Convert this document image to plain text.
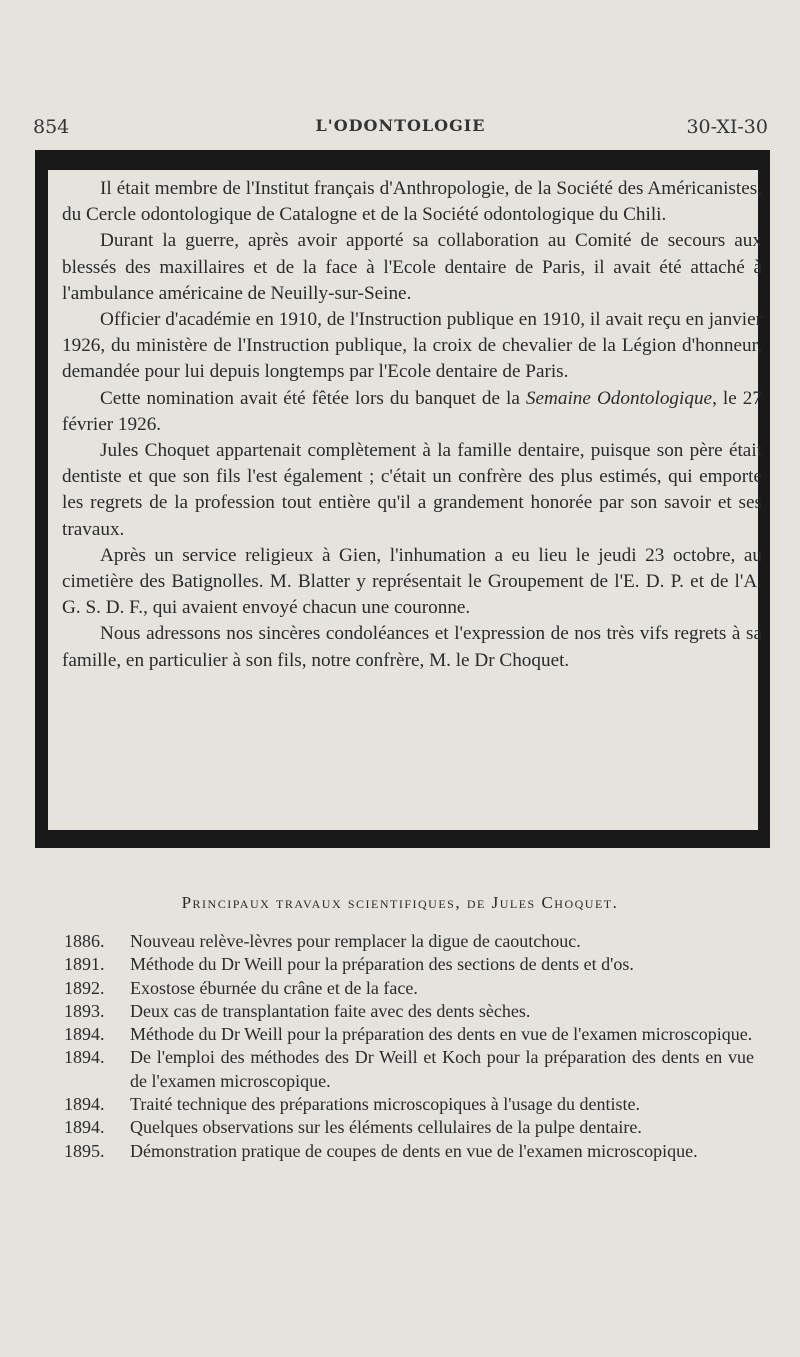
854	L'ODONTOLOGIE	30-XI-30

Il était membre de l'Institut français d'Anthropologie, de la Société des Américanistes, du Cercle odontologique de Catalogne et de la Société odontologique du Chili.

Durant la guerre, après avoir apporté sa collaboration au Comité de secours aux blessés des maxillaires et de la face à l'Ecole dentaire de Paris, il avait été attaché à l'ambulance américaine de Neuilly-sur-Seine.

Officier d'académie en 1910, de l'Instruction publique en 1910, il avait reçu en janvier 1926, du ministère de l'Instruction publique, la croix de chevalier de la Légion d'honneur, demandée pour lui depuis longtemps par l'Ecole dentaire de Paris.

Cette nomination avait été fêtée lors du banquet de la Semaine Odontologique, le 27 février 1926.

Jules Choquet appartenait complètement à la famille dentaire, puisque son père était dentiste et que son fils l'est également ; c'était un confrère des plus estimés, qui emporte les regrets de la profession tout entière qu'il a grandement honorée par son savoir et ses travaux.

Après un service religieux à Gien, l'inhumation a eu lieu le jeudi 23 octobre, au cimetière des Batignolles. M. Blatter y représentait le Groupement de l'E. D. P. et de l'A. G. S. D. F., qui avaient envoyé chacun une couronne.

Nous adressons nos sincères condoléances et l'expression de nos très vifs regrets à sa famille, en particulier à son fils, notre confrère, M. le Dr Choquet.

Principaux travaux scientifiques, de Jules Choquet.
1886.	Nouveau relève-lèvres pour remplacer la digue de caoutchouc.
1891.	Méthode du Dr Weill pour la préparation des sections de dents et d'os.
1892.	Exostose éburnée du crâne et de la face.
1893.	Deux cas de transplantation faite avec des dents sèches.
1894.	Méthode du Dr Weill pour la préparation des dents en vue de l'examen microscopique.
1894.	De l'emploi des méthodes des Dr Weill et Koch pour la préparation des dents en vue de l'examen microscopique.
1894.	Traité technique des préparations microscopiques à l'usage du dentiste.
1894.	Quelques observations sur les éléments cellulaires de la pulpe dentaire.
1895.	Démonstration pratique de coupes de dents en vue de l'examen microscopique.
